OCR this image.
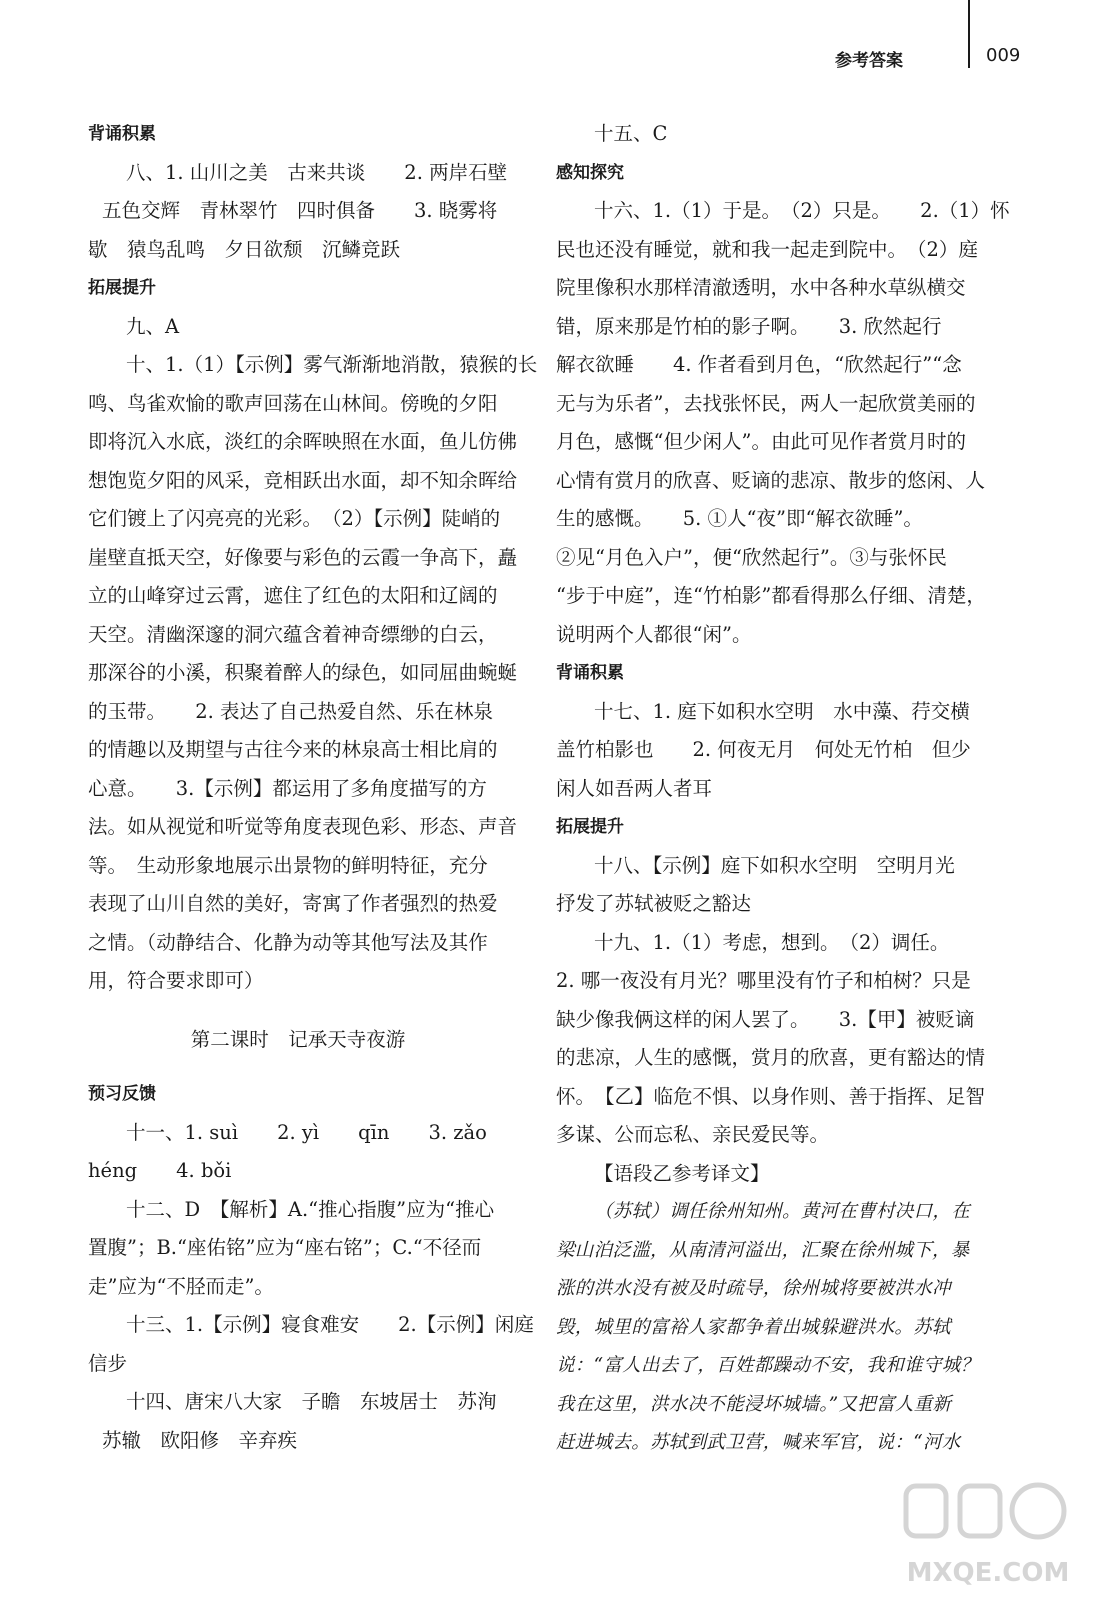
参考答案	009
背诵积累
八、1. 山川之美　古来共谈　　2. 两岸石壁
五色交辉　青林翠竹　四时俱备　　3. 晓雾将
歇　猿鸟乱鸣　夕日欲颓　沉鳞竞跃
拓展提升
九、A
十、1.（1）【示例】雾气渐渐地消散，猿猴的长
鸣、鸟雀欢愉的歌声回荡在山林间。傍晚的夕阳
即将沉入水底，淡红的余晖映照在水面，鱼儿仿佛
想饱览夕阳的风采，竞相跃出水面，却不知余晖给
它们镀上了闪亮亮的光彩。　（2）【示例】陡峭的
崖壁直抵天空，好像要与彩色的云霞一争高下，矗
立的山峰穿过云霄，遮住了红色的太阳和辽阔的
天空。清幽深邃的洞穴蕴含着神奇缥缈的白云，
那深谷的小溪，积聚着醉人的绿色，如同屈曲蜿蜒
的玉带。　　2. 表达了自己热爱自然、乐在林泉
的情趣以及期望与古往今来的林泉高士相比肩的
心意。　　3.【示例】都运用了多角度描写的方
法。如从视觉和听觉等角度表现色彩、形态、声音
等。　生动形象地展示出景物的鲜明特征，充分
表现了山川自然的美好，寄寓了作者强烈的热爱
之情。（动静结合、化静为动等其他写法及其作
用，符合要求即可）
第二课时　记承天寺夜游
预习反馈
十一、1. suì　　2. yì　　qīn　　3. zǎo
héng　　4. bǒi
十二、D　【解析】A.“推心指腹”应为“推心
置腹”；B.“座佑铭”应为“座右铭”；C.“不径而
走”应为“不胫而走”。
十三、1.【示例】寝食难安　　2.【示例】闲庭
信步
十四、唐宋八大家　子瞻　东坡居士　苏洵
苏辙　欧阳修　辛弃疾
十五、C
感知探究
十六、1.（1）于是。　（2）只是。　　2.（1）怀
民也还没有睡觉，就和我一起走到院中。　（2）庭
院里像积水那样清澈透明，水中各种水草纵横交
错，原来那是竹柏的影子啊。　　3. 欣然起行
解衣欲睡　　4. 作者看到月色，“欣然起行”“念
无与为乐者”，去找张怀民，两人一起欣赏美丽的
月色，感慨“但少闲人”。由此可见作者赏月时的
心情有赏月的欣喜、贬谪的悲凉、散步的悠闲、人
生的感慨。　　5. ①人“夜”即“解衣欲睡”。
②见“月色入户”，便“欣然起行”。③与张怀民
“步于中庭”，连“竹柏影”都看得那么仔细、清楚，
说明两个人都很“闲”。
背诵积累
十七、1. 庭下如积水空明　水中藻、荇交横
盖竹柏影也　　2. 何夜无月　何处无竹柏　但少
闲人如吾两人者耳
拓展提升
十八、【示例】庭下如积水空明　空明月光
抒发了苏轼被贬之豁达
十九、1.（1）考虑，想到。　（2）调任。
2. 哪一夜没有月光？哪里没有竹子和柏树？只是
缺少像我俩这样的闲人罢了。　　3.【甲】被贬谪
的悲凉，人生的感慨，赏月的欣喜，更有豁达的情
怀。　【乙】临危不惧、以身作则、善于指挥、足智
多谋、公而忘私、亲民爱民等。
【语段乙参考译文】
（苏轼）调任徐州知州。黄河在曹村决口，在
梁山泊泛滥，从南清河溢出，汇聚在徐州城下，暴
涨的洪水没有被及时疏导，徐州城将要被洪水冲
毁，城里的富裕人家都争着出城躲避洪水。苏轼
说：“富人出去了，百姓都躁动不安，我和谁守城？
我在这里，洪水决不能浸坏城墙。”又把富人重新
赶进城去。苏轼到武卫营，喊来军官，说：“河水
MXQE.COM
